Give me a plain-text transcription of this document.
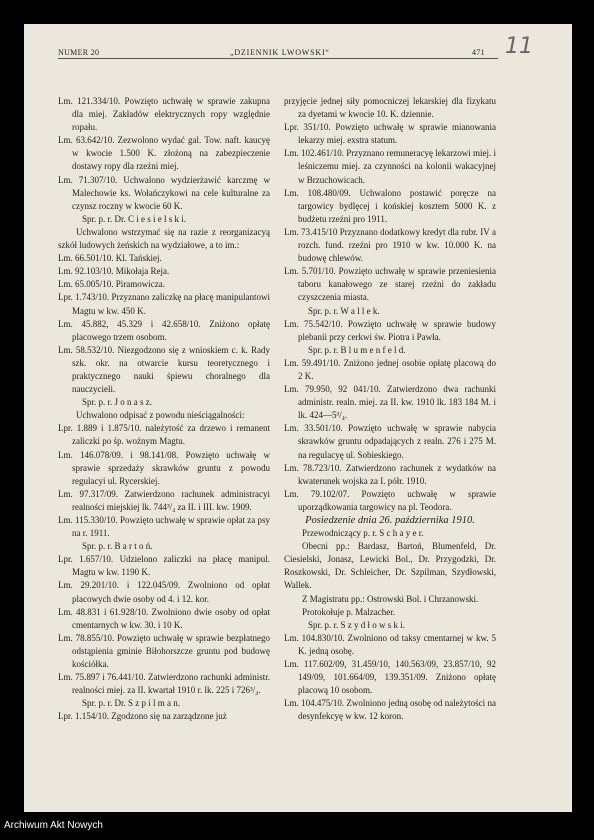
NUMER 20	„DZIENNIK LWOWSKI“	471 11

Lm. 121.334/10. Powzięto uchwałę w sprawie zakupna dla miej. Zakładów elektrycznych ropy względnie ropału.

Lm. 63.642/10. Zezwolono wydać gal. Tow. naft. kaucyę w kwocie 1.500 K. złożoną na zabezpieczenie dostawy ropy dla rzeźni miej.

Lm. 71.307/10. Uchwalono wydzierżawić karczmę w Malechowie ks. Wołańczykowi na cele kulturalne za czynsz roczny w kwocie 60 K.

Spr. p. r. Dr. C i e s i e l s k i.

Uchwalono wstrzymać się na razie z reorganizacyą szkół ludowych żeńskich na wydziałowe, a to im.:

Lm. 66.501/10. Kl. Tańskiej.

Lm. 92.103/10. Mikołaja Reja.

Lm. 65.005/10. Piramowicza.

Lpr. 1.743/10. Przyznano zaliczkę na płacę manipulantowi Magtu w kw. 450 K.

Lm. 45.882, 45.329 i 42.658/10. Zniżono opłatę placowego trzem osobom.

Lm. 58.532/10. Niezgodzono się z wnioskiem c. k. Rady szk. okr. na otwarcie kursu teoretycznego i praktycznego nauki śpiewu choralnego dla nauczycieli.

Spr. p. r. J o n a s z.

Uchwalono odpisać z powodu nieściągalności:

Lpr. 1.889 i 1.875/10. należytość za drzewo i remanent zaliczki po śp. woźnym Magtu.

Lm. 146.078/09. i 98.141/08. Powzięto uchwałę w sprawie sprzedaży skrawków gruntu z powodu regulacyi ul. Rycerskiej.

Lm. 97.317/09. Zatwierdzono rachunek administracyi realności miejskiej lk. 744³/₄ za II. i III. kw. 1909.

Lm. 115.330/10. Powzięto uchwałę w sprawie opłat za psy na r. 1911.

Spr. p. r. B a r t o ń.

Lpr. 1.657/10. Udzielono zaliczki na płacę manipul. Magtu w kw. 1190 K.

Lm. 29.201/10. i 122.045/09. Zwolniono od opłat placowych dwie osoby od 4. i 12. kor.

Lm. 48.831 i 61.928/10. Zwolniono dwie osoby od opłat cmentarnych w kw. 30. i 10 K.

Lm. 78.855/10. Powzięto uchwałę w sprawie bezpłatnego odstąpienia gminie Biłohorszcze gruntu pod budowę kościółka.

Lm. 75.897 i 76.441/10. Zatwierdzono rachunki administr. realności miej. za II. kwartał 1910 r. lk. 225 i 726³/₄.

Spr. p. r. Dr. S z p i l m a n.

Lpr. 1.154/10. Zgodzono się na zarządzone już

przyjęcie jednej siły pomocniczej lekarskiej dla fizykatu za dyetami w kwocie 10. K. dziennie.

Lpr. 351/10. Powzięto uchwałę w sprawie mianowania lekarzy miej. exstra statum.

Lm. 102.461/10. Przyznano remuneracyę lekarzowi miej. i leśniczemu miej. za czynności na kolonii wakacyjnej w Brzuchowicach.

Lm. 108.480/09. Uchwalono postawić poręcze na targowicy bydlęcej i końskiej kosztem 5000 K. z budżetu rzeźni pro 1911.

Lm. 73.415/10 Przyznano dodatkowy kredyt dla rubr. IV a rozch. fund. rzeźni pro 1910 w kw. 10.000 K. na budowę chlewów.

Lm. 5.701/10. Powzięto uchwałę w sprawie przeniesienia taboru kanałowego ze starej rzeźni do zakładu czyszczenia miasta.

Spr. p. r. W a l l e k.

Lm. 75.542/10. Powzięto uchwałę w sprawie budowy plebanii przy cerkwi św. Piotra i Pawła.

Spr. p. r. B l u m e n f e l d.

Lm. 59.491/10. Zniżono jednej osobie opłatę placową do 2 K.

Lm. 79.950, 92 041/10. Zatwierdzono dwa rachunki administr. realn. miej. za II. kw. 1910 lk. 183 184 M. i lk. 424—5³/₄.

Lm. 33.501/10. Powzięto uchwałę w sprawie nabycia skrawków gruntu odpadających z realn. 276 i 275 M. na regulacyę ul. Sobieskiego.

Lm. 78.723/10. Zatwierdzono rachunek z wydatków na kwaterunek wojska za I. półr. 1910.

Lm. 79.102/07. Powzięto uchwałę w sprawie uporządkowania targowicy na pl. Teodora.

Posiedzenie dnia 26. października 1910.

Przewodniczący p. r. S c h a y e r.

Obecni pp.: Bardasz, Bartoń, Blumenfeld, Dr. Ciesielski, Jonasz, Lewicki Bol., Dr. Przygodzki, Dr. Roszkowski, Dr. Schleicher, Dr. Szpilman, Szydłowski, Wallek.

Z Magistratu pp.: Ostrowski Bol. i Chrzanowski.

Protokołuje p. Malzacher.

Spr. p. r. S z y d ł o w s k i.

Lm. 104.830/10. Zwolniono od taksy cmentarnej w kw. 5 K. jedną osobę.

Lm. 117.602/09, 31.459/10, 140.563/09, 23.857/10, 92 149/09, 101.664/09, 139.351/09. Zniżono opłatę placową 10 osobom.

Lm. 104.475/10. Zwolniono jedną osobę od należytości na desynfekcyę w kw. 12 koron.

Archiwum Akt Nowych
